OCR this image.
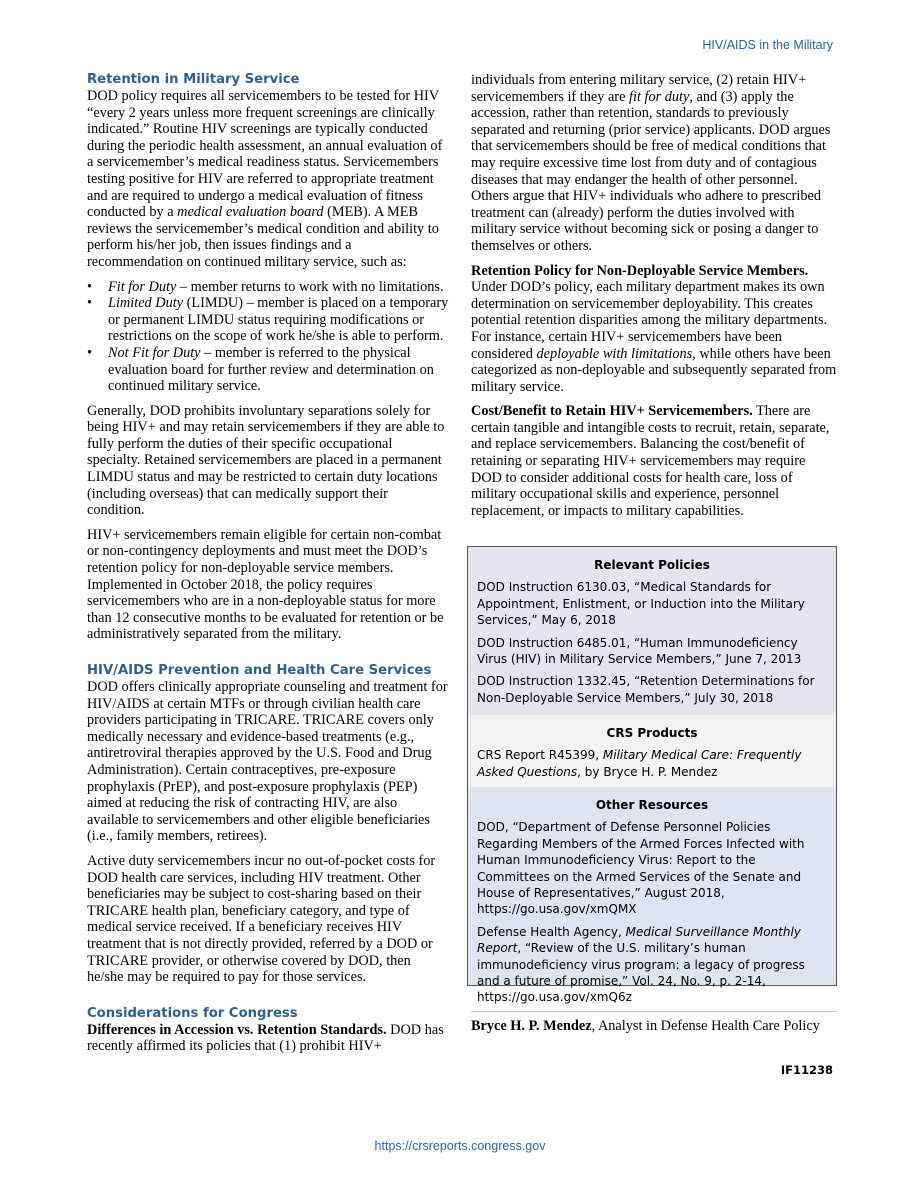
HIV/AIDS in the Military
Retention in Military Service

DOD policy requires all servicemembers to be tested for HIV “every 2 years unless more frequent screenings are clinically indicated.” Routine HIV screenings are typically conducted during the periodic health assessment, an annual evaluation of a servicemember’s medical readiness status. Servicemembers testing positive for HIV are referred to appropriate treatment and are required to undergo a medical evaluation of fitness conducted by a medical evaluation board (MEB). A MEB reviews the servicemember’s medical condition and ability to perform his/her job, then issues findings and a recommendation on continued military service, such as:

• Fit for Duty – member returns to work with no limitations.
• Limited Duty (LIMDU) – member is placed on a temporary or permanent LIMDU status requiring modifications or restrictions on the scope of work he/she is able to perform.
• Not Fit for Duty – member is referred to the physical evaluation board for further review and determination on continued military service.

Generally, DOD prohibits involuntary separations solely for being HIV+ and may retain servicemembers if they are able to fully perform the duties of their specific occupational specialty. Retained servicemembers are placed in a permanent LIMDU status and may be restricted to certain duty locations (including overseas) that can medically support their condition.

HIV+ servicemembers remain eligible for certain non-combat or non-contingency deployments and must meet the DOD’s retention policy for non-deployable service members. Implemented in October 2018, the policy requires servicemembers who are in a non-deployable status for more than 12 consecutive months to be evaluated for retention or be administratively separated from the military.

HIV/AIDS Prevention and Health Care Services

DOD offers clinically appropriate counseling and treatment for HIV/AIDS at certain MTFs or through civilian health care providers participating in TRICARE. TRICARE covers only medically necessary and evidence-based treatments (e.g., antiretroviral therapies approved by the U.S. Food and Drug Administration). Certain contraceptives, pre-exposure prophylaxis (PrEP), and post-exposure prophylaxis (PEP) aimed at reducing the risk of contracting HIV, are also available to servicemembers and other eligible beneficiaries (i.e., family members, retirees).

Active duty servicemembers incur no out-of-pocket costs for DOD health care services, including HIV treatment. Other beneficiaries may be subject to cost-sharing based on their TRICARE health plan, beneficiary category, and type of medical service received. If a beneficiary receives HIV treatment that is not directly provided, referred by a DOD or TRICARE provider, or otherwise covered by DOD, then he/she may be required to pay for those services.

Considerations for Congress

Differences in Accession vs. Retention Standards. DOD has recently affirmed its policies that (1) prohibit HIV+

individuals from entering military service, (2) retain HIV+ servicemembers if they are fit for duty, and (3) apply the accession, rather than retention, standards to previously separated and returning (prior service) applicants. DOD argues that servicemembers should be free of medical conditions that may require excessive time lost from duty and of contagious diseases that may endanger the health of other personnel. Others argue that HIV+ individuals who adhere to prescribed treatment can (already) perform the duties involved with military service without becoming sick or posing a danger to themselves or others.

Retention Policy for Non-Deployable Service Members. Under DOD’s policy, each military department makes its own determination on servicemember deployability. This creates potential retention disparities among the military departments. For instance, certain HIV+ servicemembers have been considered deployable with limitations, while others have been categorized as non-deployable and subsequently separated from military service.

Cost/Benefit to Retain HIV+ Servicemembers. There are certain tangible and intangible costs to recruit, retain, separate, and replace servicemembers. Balancing the cost/benefit of retaining or separating HIV+ servicemembers may require DOD to consider additional costs for health care, loss of military occupational skills and experience, personnel replacement, or impacts to military capabilities.

Relevant Policies
DOD Instruction 6130.03, “Medical Standards for Appointment, Enlistment, or Induction into the Military Services,” May 6, 2018
DOD Instruction 6485.01, “Human Immunodeficiency Virus (HIV) in Military Service Members,” June 7, 2013
DOD Instruction 1332.45, “Retention Determinations for Non-Deployable Service Members,” July 30, 2018
CRS Products
CRS Report R45399, Military Medical Care: Frequently Asked Questions, by Bryce H. P. Mendez
Other Resources
DOD, “Department of Defense Personnel Policies Regarding Members of the Armed Forces Infected with Human Immunodeficiency Virus: Report to the Committees on the Armed Services of the Senate and House of Representatives,” August 2018, https://go.usa.gov/xmQMX
Defense Health Agency, Medical Surveillance Monthly Report, “Review of the U.S. military’s human immunodeficiency virus program: a legacy of progress and a future of promise,” Vol. 24, No. 9, p. 2-14, https://go.usa.gov/xmQ6z
Bryce H. P. Mendez, Analyst in Defense Health Care Policy
IF11238
https://crsreports.congress.gov
